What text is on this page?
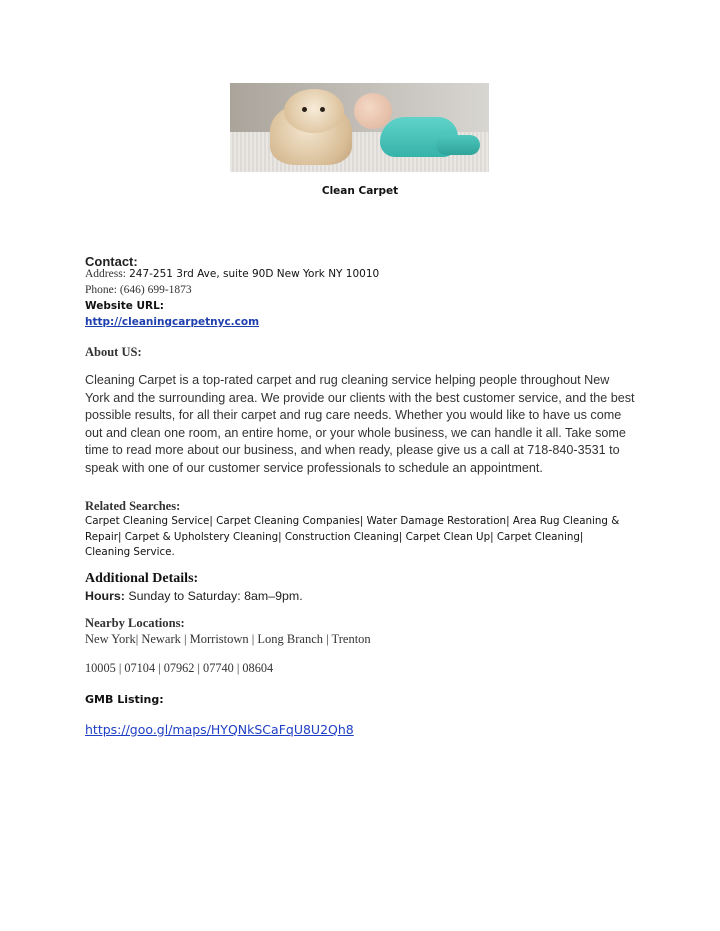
Clean Carpet
Contact:
Address: 247-251 3rd Ave, suite 90D New York NY 10010
Phone: (646) 699-1873
Website URL:
http://cleaningcarpetnyc.com
About US:
Cleaning Carpet is a top-rated carpet and rug cleaning service helping people throughout New York and the surrounding area. We provide our clients with the best customer service, and the best possible results, for all their carpet and rug care needs. Whether you would like to have us come out and clean one room, an entire home, or your whole business, we can handle it all. Take some time to read more about our business, and when ready, please give us a call at 718-840-3531 to speak with one of our customer service professionals to schedule an appointment.
Related Searches:
Carpet Cleaning Service| Carpet Cleaning Companies| Water Damage Restoration| Area Rug Cleaning & Repair| Carpet & Upholstery Cleaning| Construction Cleaning| Carpet Clean Up| Carpet Cleaning| Cleaning Service.
Additional Details:
Hours: Sunday to Saturday: 8am–9pm.
Nearby Locations:
New York| Newark | Morristown | Long Branch | Trenton
10005 | 07104 | 07962 | 07740 | 08604
GMB Listing:
https://goo.gl/maps/HYQNkSCaFqU8U2Qh8
